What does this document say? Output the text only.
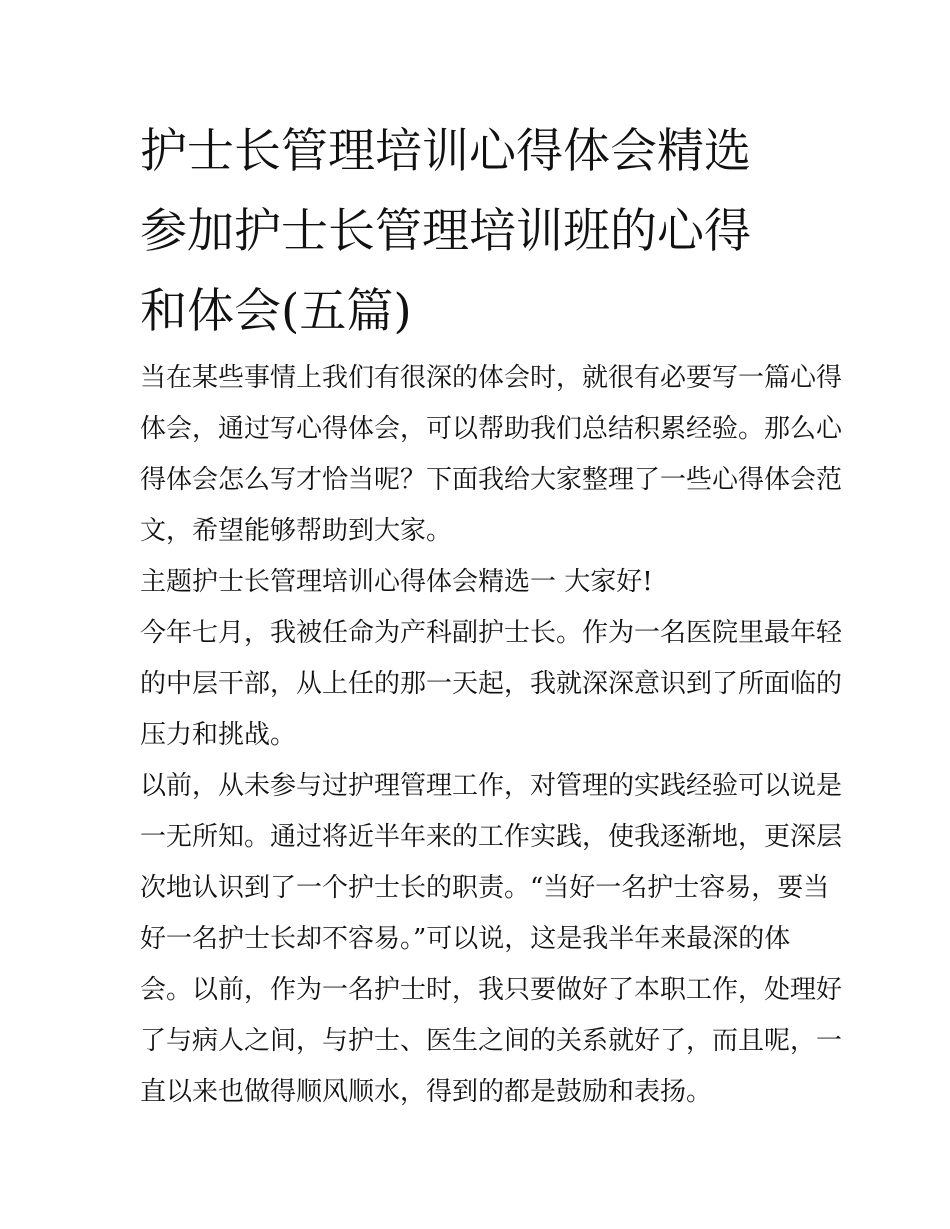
护士长管理培训心得体会精选
参加护士长管理培训班的心得
和体会(五篇)
当在某些事情上我们有很深的体会时，就很有必要写一篇心得
体会，通过写心得体会，可以帮助我们总结积累经验。那么心
得体会怎么写才恰当呢？下面我给大家整理了一些心得体会范
文，希望能够帮助到大家。
主题护士长管理培训心得体会精选一 大家好!
今年七月，我被任命为产科副护士长。作为一名医院里最年轻
的中层干部，从上任的那一天起，我就深深意识到了所面临的
压力和挑战。
以前，从未参与过护理管理工作，对管理的实践经验可以说是
一无所知。通过将近半年来的工作实践，使我逐渐地，更深层
次地认识到了一个护士长的职责。“当好一名护士容易，要当
好一名护士长却不容易。”可以说，这是我半年来最深的体
会。以前，作为一名护士时，我只要做好了本职工作，处理好
了与病人之间，与护士、医生之间的关系就好了，而且呢，一
直以来也做得顺风顺水，得到的都是鼓励和表扬。
